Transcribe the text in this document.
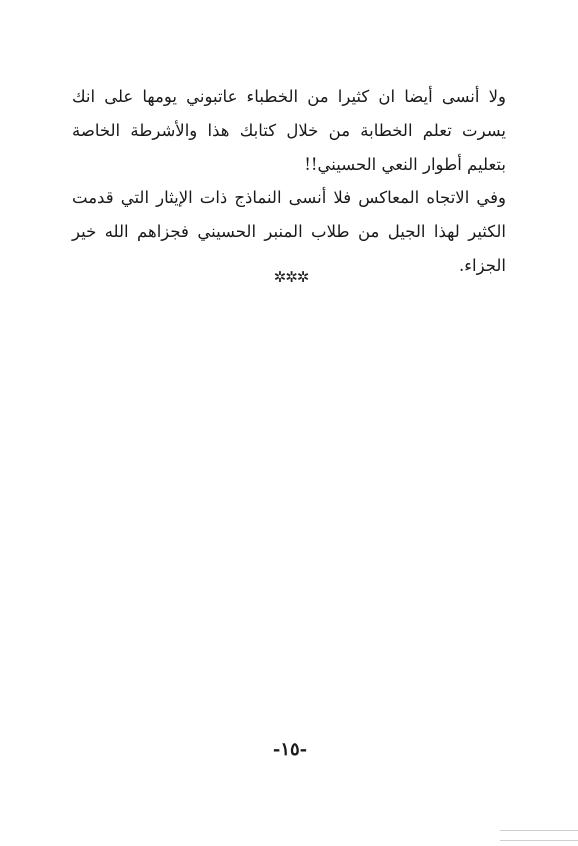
ولا أنسى أيضا ان كثيرا من الخطباء عاتبوني يومها على انك يسرت تعلم الخطابة من خلال كتابك هذا والأشرطة الخاصة بتعليم أطوار النعي الحسيني!!

وفي الاتجاه المعاكس فلا أنسى النماذج ذات الإيثار التي قدمت الكثير لهذا الجيل من طلاب المنبر الحسيني فجزاهم الله خير الجزاء.

✲✲✲
-١٥-
